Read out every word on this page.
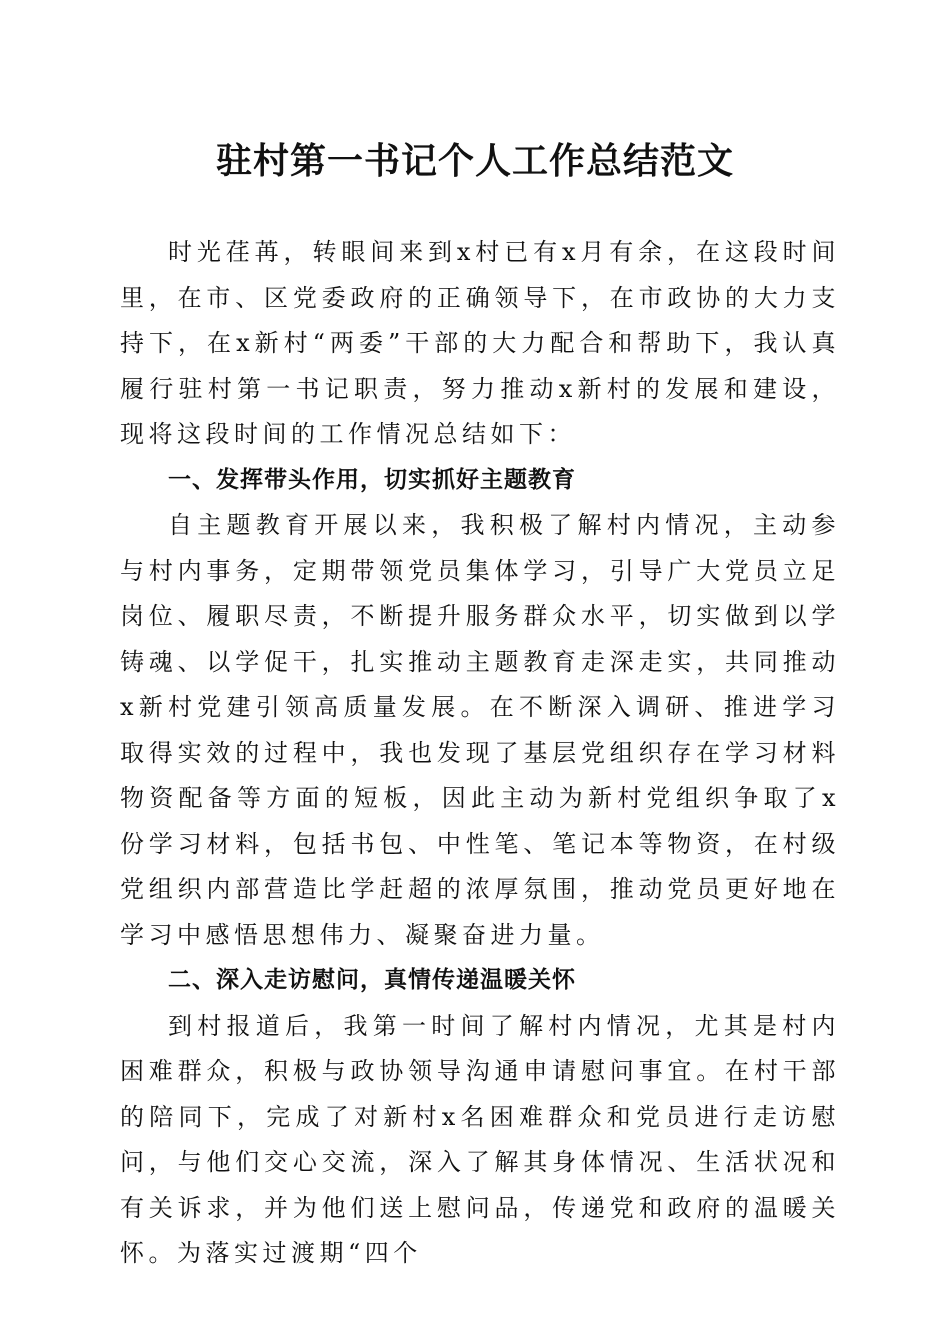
驻村第一书记个人工作总结范文

时光荏苒，转眼间来到x村已有x月有余，在这段时间里，在市、区党委政府的正确领导下，在市政协的大力支持下，在x新村“两委”干部的大力配合和帮助下，我认真履行驻村第一书记职责，努力推动x新村的发展和建设，现将这段时间的工作情况总结如下：

一、发挥带头作用，切实抓好主题教育

自主题教育开展以来，我积极了解村内情况，主动参与村内事务，定期带领党员集体学习，引导广大党员立足岗位、履职尽责，不断提升服务群众水平，切实做到以学铸魂、以学促干，扎实推动主题教育走深走实，共同推动x新村党建引领高质量发展。在不断深入调研、推进学习取得实效的过程中，我也发现了基层党组织存在学习材料物资配备等方面的短板，因此主动为新村党组织争取了x份学习材料，包括书包、中性笔、笔记本等物资，在村级党组织内部营造比学赶超的浓厚氛围，推动党员更好地在学习中感悟思想伟力、凝聚奋进力量。

二、深入走访慰问，真情传递温暖关怀

到村报道后，我第一时间了解村内情况，尤其是村内困难群众，积极与政协领导沟通申请慰问事宜。在村干部的陪同下，完成了对新村x名困难群众和党员进行走访慰问，与他们交心交流，深入了解其身体情况、生活状况和有关诉求，并为他们送上慰问品，传递党和政府的温暖关怀。为落实过渡期“四个
